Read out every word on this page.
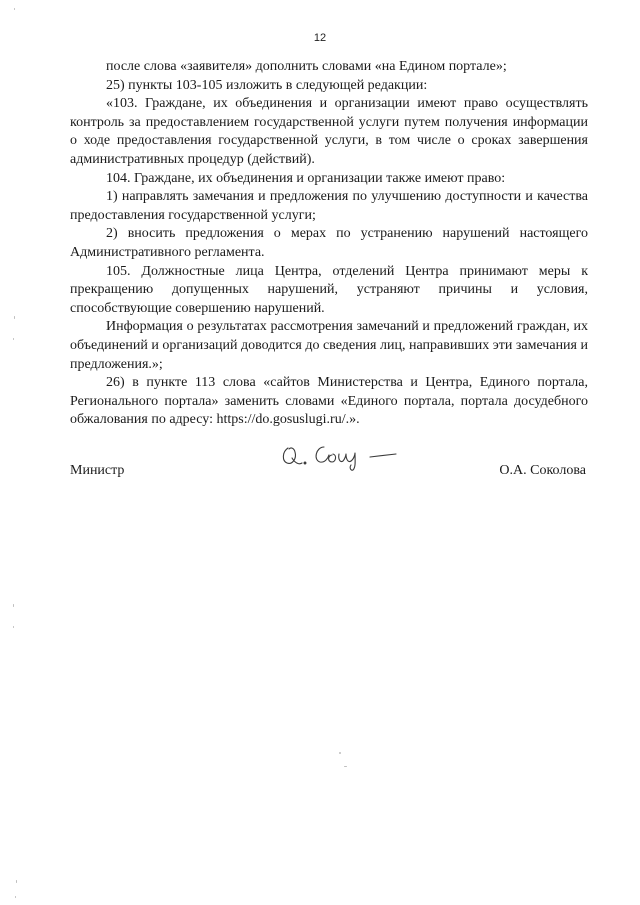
12

после слова «заявителя» дополнить словами «на Едином портале»;

25) пункты 103-105 изложить в следующей редакции:

«103. Граждане, их объединения и организации имеют право осуществлять контроль за предоставлением государственной услуги путем получения информации о ходе предоставления государственной услуги, в том числе о сроках завершения административных процедур (действий).

104. Граждане, их объединения и организации также имеют право:

1) направлять замечания и предложения по улучшению доступности и качества предоставления государственной услуги;

2) вносить предложения о мерах по устранению нарушений настоящего Административного регламента.

105. Должностные лица Центра, отделений Центра принимают меры к прекращению допущенных нарушений, устраняют причины и условия, способствующие совершению нарушений.

Информация о результатах рассмотрения замечаний и предложений граждан, их объединений и организаций доводится до сведения лиц, направивших эти замечания и предложения.»;

26) в пункте 113 слова «сайтов Министерства и Центра, Единого портала, Регионального портала» заменить словами «Единого портала, портала досудебного обжалования по адресу: https://do.gosuslugi.ru/.».

Министр	О.А. Соколова
